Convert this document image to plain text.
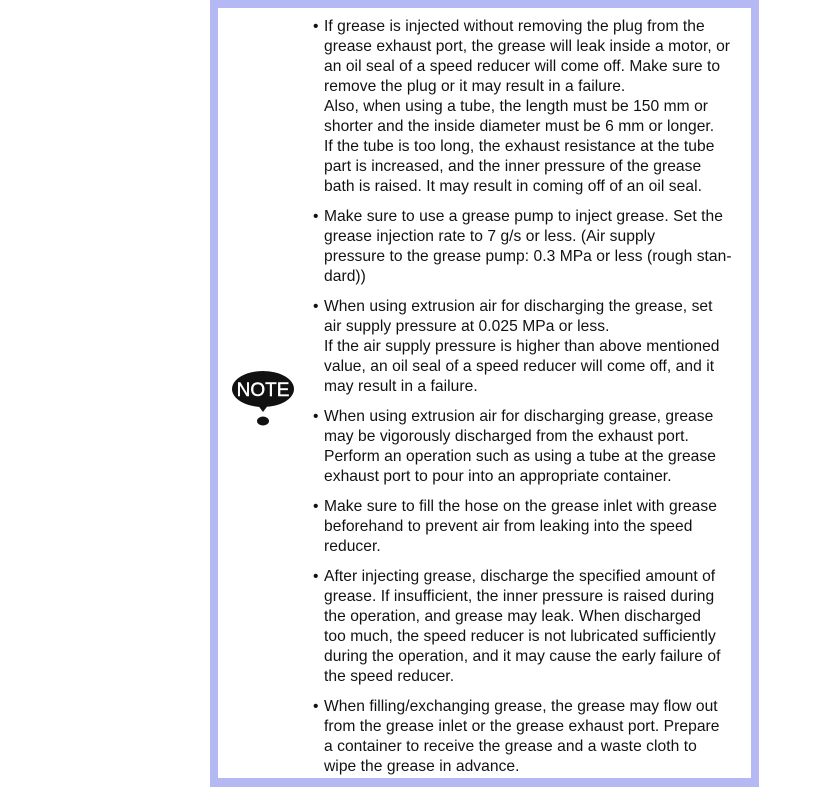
NOTE
• If grease is injected without removing the plug from the
grease exhaust port, the grease will leak inside a motor, or
an oil seal of a speed reducer will come off. Make sure to
remove the plug or it may result in a failure.
Also, when using a tube, the length must be 150 mm or
shorter and the inside diameter must be 6 mm or longer.
If the tube is too long, the exhaust resistance at the tube
part is increased, and the inner pressure of the grease
bath is raised. It may result in coming off of an oil seal.
• Make sure to use a grease pump to inject grease. Set the
grease injection rate to 7 g/s or less. (Air supply
pressure to the grease pump: 0.3 MPa or less (rough stan-
dard))
• When using extrusion air for discharging the grease, set
air supply pressure at 0.025 MPa or less.
If the air supply pressure is higher than above mentioned
value, an oil seal of a speed reducer will come off, and it
may result in a failure.
• When using extrusion air for discharging grease, grease
may be vigorously discharged from the exhaust port.
Perform an operation such as using a tube at the grease
exhaust port to pour into an appropriate container.
• Make sure to fill the hose on the grease inlet with grease
beforehand to prevent air from leaking into the speed
reducer.
• After injecting grease, discharge the specified amount of
grease. If insufficient, the inner pressure is raised during
the operation, and grease may leak. When discharged
too much, the speed reducer is not lubricated sufficiently
during the operation, and it may cause the early failure of
the speed reducer.
• When filling/exchanging grease, the grease may flow out
from the grease inlet or the grease exhaust port. Prepare
a container to receive the grease and a waste cloth to
wipe the grease in advance.
